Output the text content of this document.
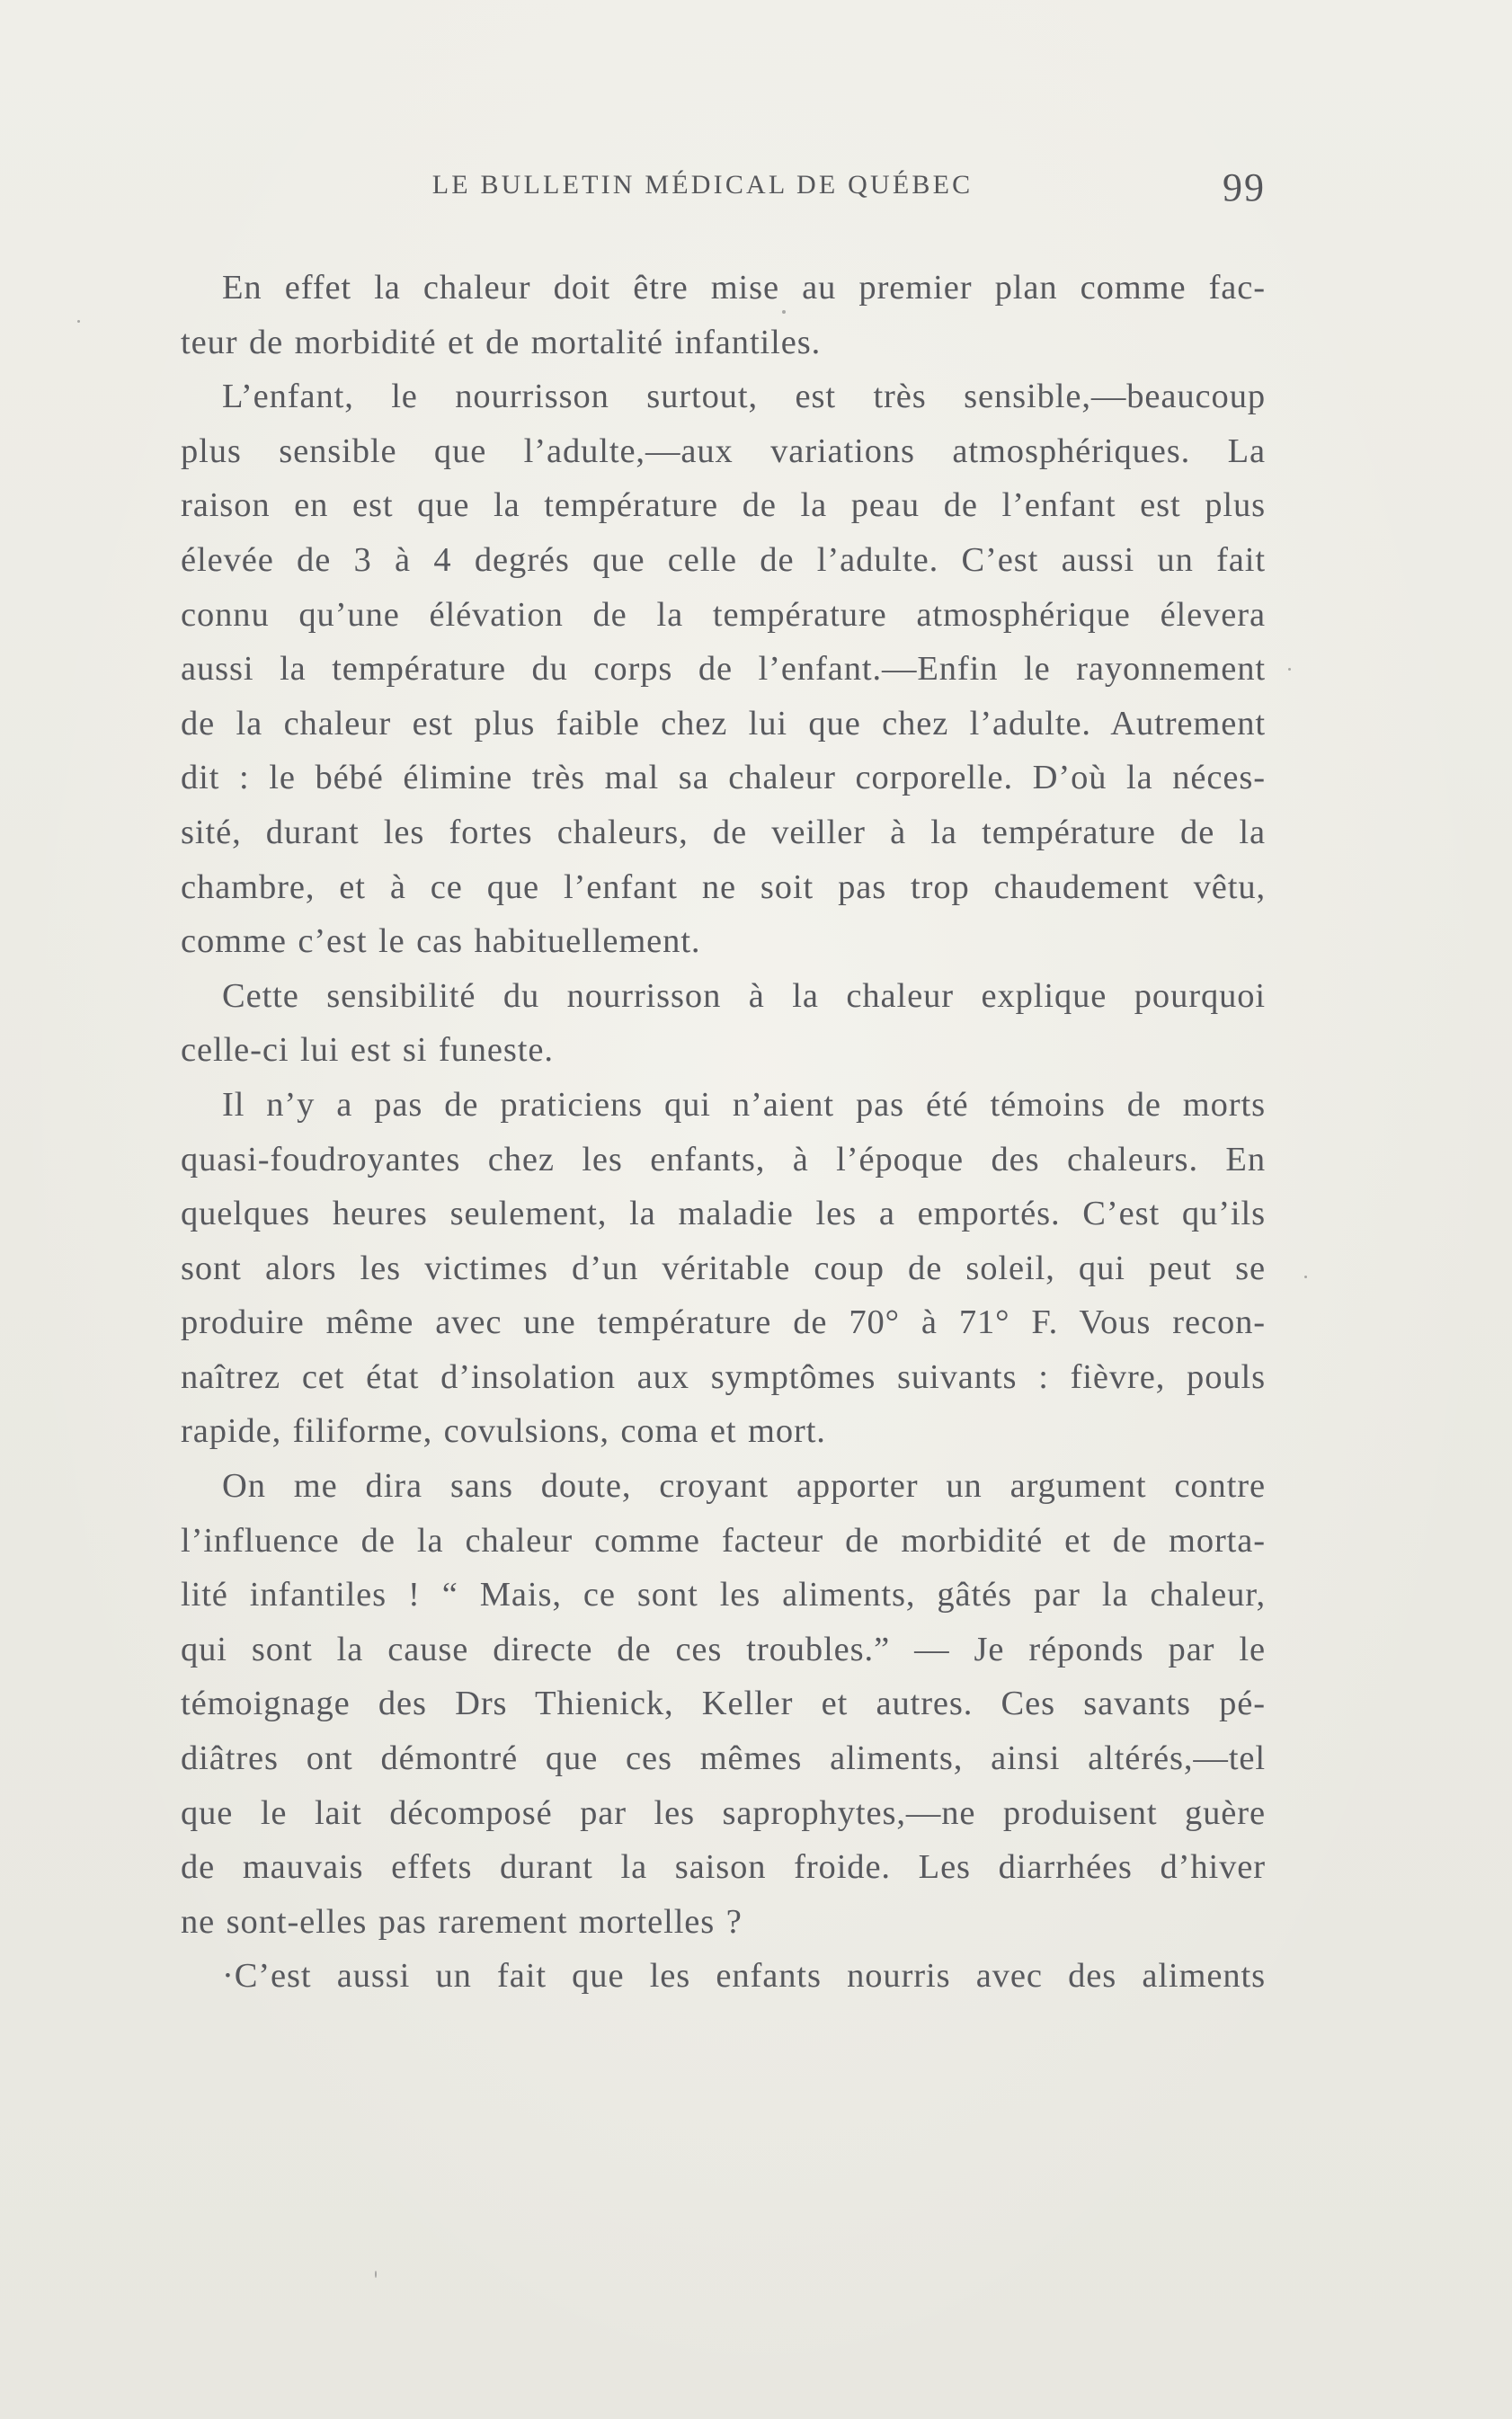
LE BULLETIN MÉDICAL DE QUÉBEC	99
En effet la chaleur doit être mise au premier plan comme fac-
teur de morbidité et de mortalité infantiles.
L’enfant, le nourrisson surtout, est très sensible,—beaucoup
plus sensible que l’adulte,—aux variations atmosphériques. La
raison en est que la température de la peau de l’enfant est plus
élevée de 3 à 4 degrés que celle de l’adulte. C’est aussi un fait
connu qu’une élévation de la température atmosphérique élevera
aussi la température du corps de l’enfant.—Enfin le rayonnement
de la chaleur est plus faible chez lui que chez l’adulte. Autrement
dit : le bébé élimine très mal sa chaleur corporelle. D’où la néces-
sité, durant les fortes chaleurs, de veiller à la température de la
chambre, et à ce que l’enfant ne soit pas trop chaudement vêtu,
comme c’est le cas habituellement.
Cette sensibilité du nourrisson à la chaleur explique pourquoi
celle-ci lui est si funeste.
Il n’y a pas de praticiens qui n’aient pas été témoins de morts
quasi-foudroyantes chez les enfants, à l’époque des chaleurs. En
quelques heures seulement, la maladie les a emportés. C’est qu’ils
sont alors les victimes d’un véritable coup de soleil, qui peut se
produire même avec une température de 70° à 71° F. Vous recon-
naîtrez cet état d’insolation aux symptômes suivants : fièvre, pouls
rapide, filiforme, covulsions, coma et mort.
On me dira sans doute, croyant apporter un argument contre
l’influence de la chaleur comme facteur de morbidité et de morta-
lité infantiles ! “ Mais, ce sont les aliments, gâtés par la chaleur,
qui sont la cause directe de ces troubles.” — Je réponds par le
témoignage des Drs Thienick, Keller et autres. Ces savants pé-
diâtres ont démontré que ces mêmes aliments, ainsi altérés,—tel
que le lait décomposé par les saprophytes,—ne produisent guère
de mauvais effets durant la saison froide. Les diarrhées d’hiver
ne sont-elles pas rarement mortelles ?
·C’est aussi un fait que les enfants nourris avec des aliments
